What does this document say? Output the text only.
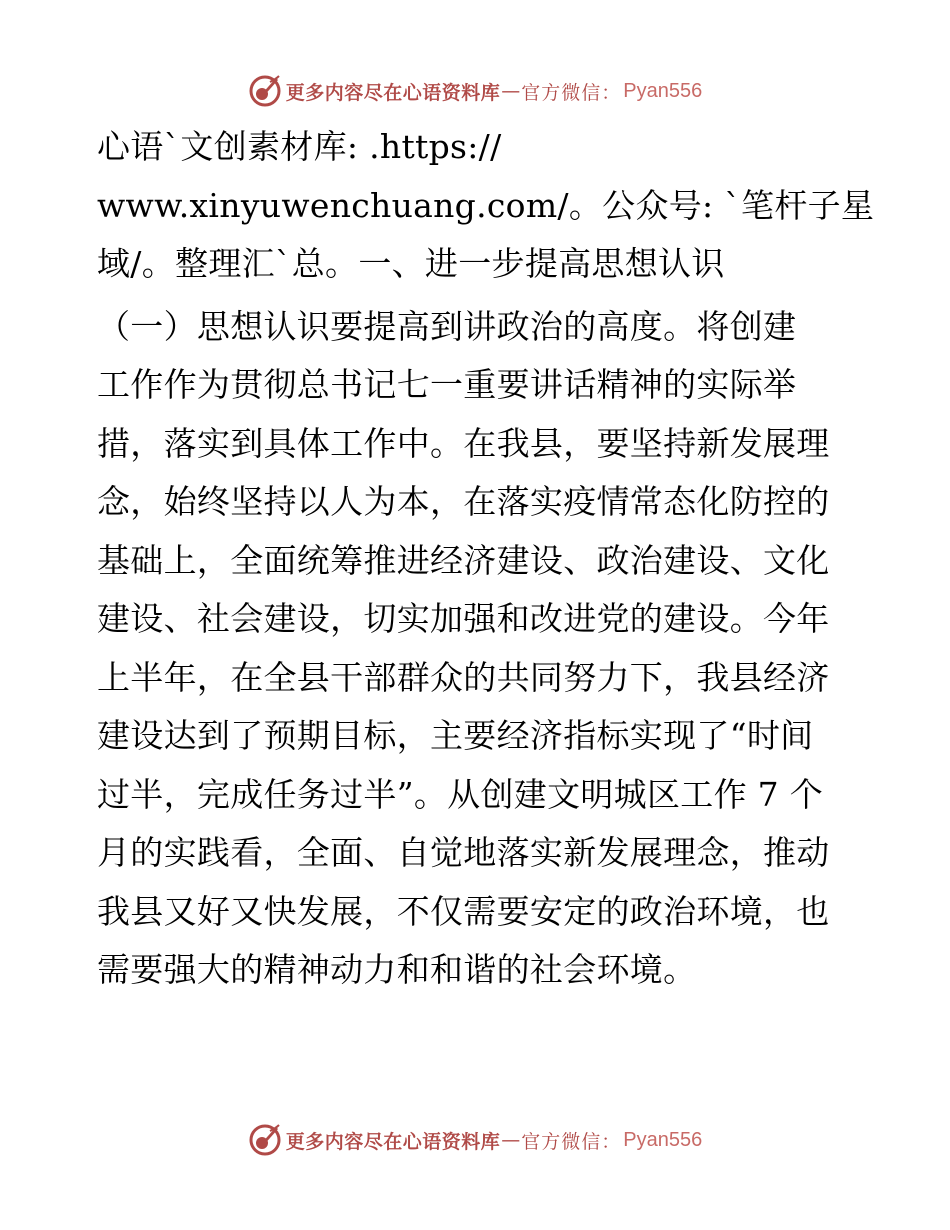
更多内容尽在心语资料库 — 官方微信： Pyan556
心语`文创素材库: .https://
www.xinyuwenchuang.com/。公众号: `笔杆子星
域/。整理汇`总。一、进一步提高思想认识
（一）思想认识要提高到讲政治的高度。将创建
工作作为贯彻总书记七一重要讲话精神的实际举
措，落实到具体工作中。在我县，要坚持新发展理
念，始终坚持以人为本，在落实疫情常态化防控的
基础上，全面统筹推进经济建设、政治建设、文化
建设、社会建设，切实加强和改进党的建设。今年
上半年，在全县干部群众的共同努力下，我县经济
建设达到了预期目标，主要经济指标实现了“时间
过半，完成任务过半”。从创建文明城区工作 7 个
月的实践看，全面、自觉地落实新发展理念，推动
我县又好又快发展，不仅需要安定的政治环境，也
需要强大的精神动力和和谐的社会环境。
更多内容尽在心语资料库 — 官方微信： Pyan556
